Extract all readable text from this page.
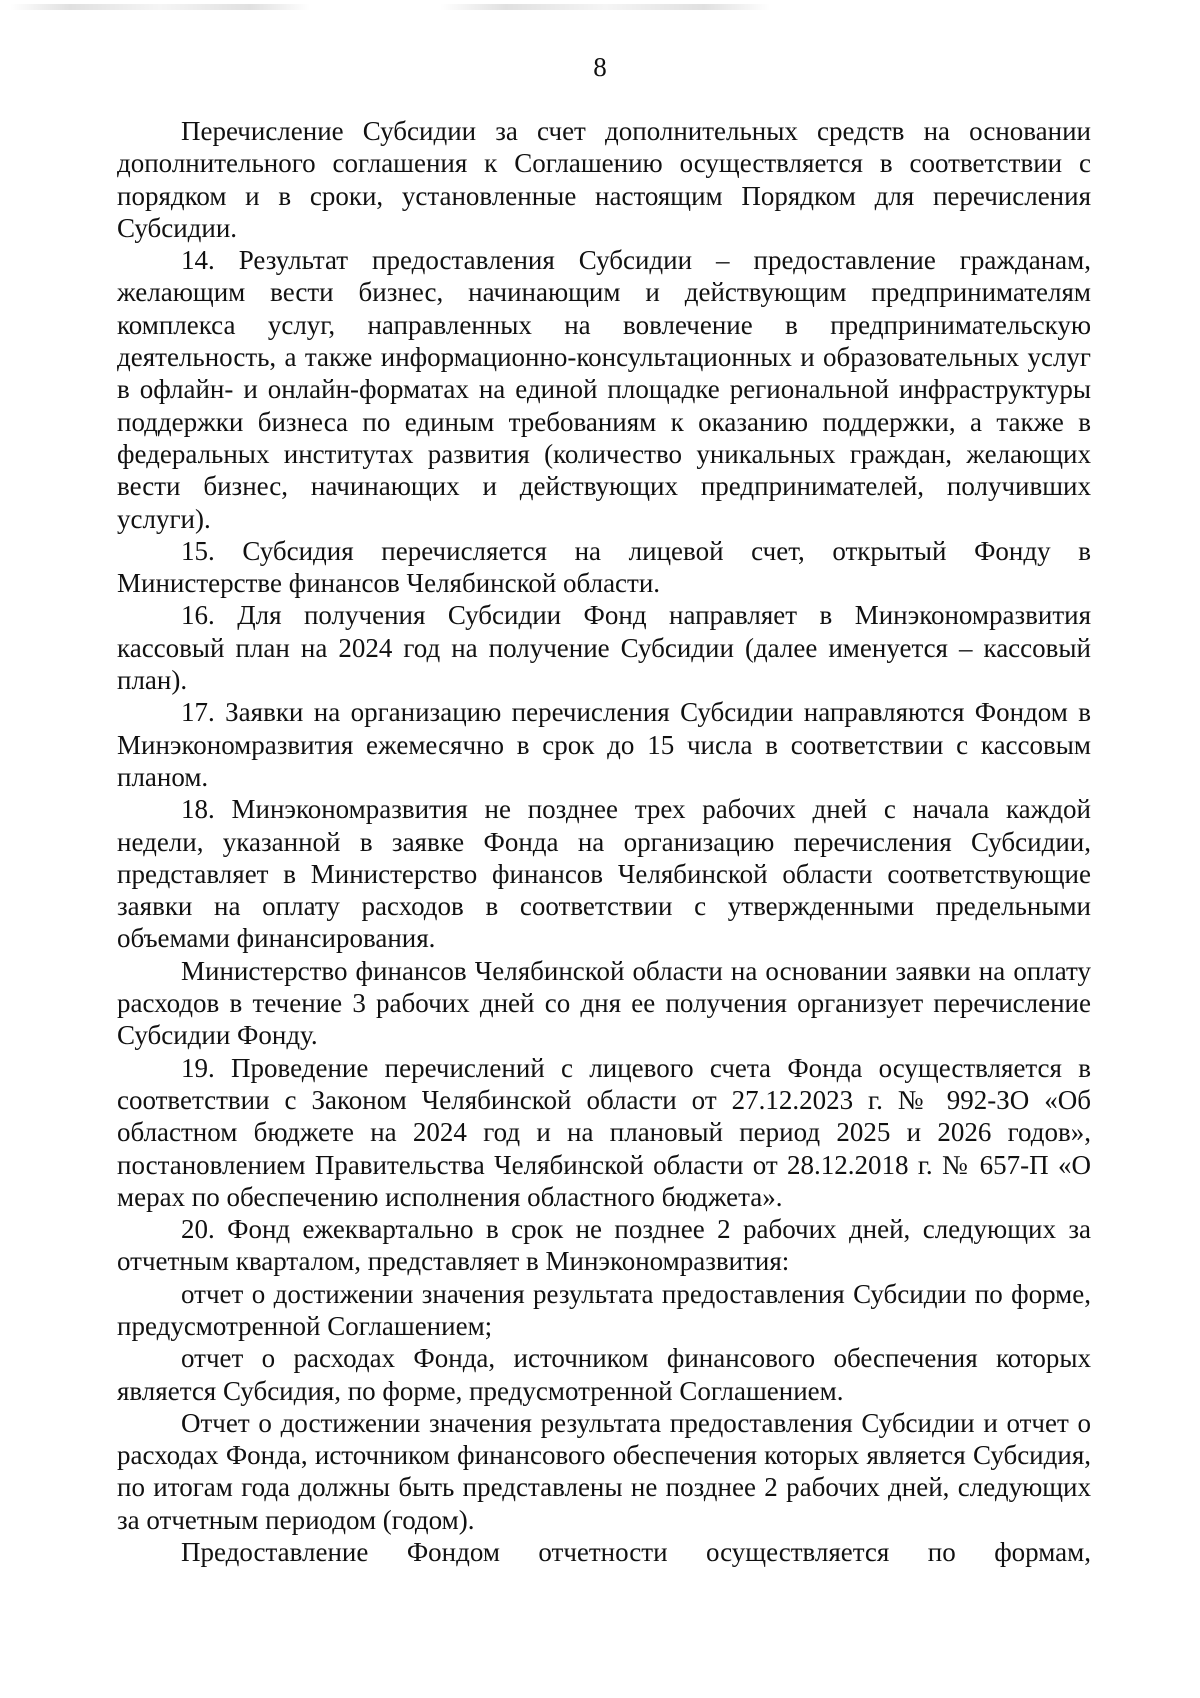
8

Перечисление Субсидии за счет дополнительных средств на основании дополнительного соглашения к Соглашению осуществляется в соответствии с порядком и в сроки, установленные настоящим Порядком для перечисления Субсидии.

14. Результат предоставления Субсидии – предоставление гражданам, желающим вести бизнес, начинающим и действующим предпринимателям комплекса услуг, направленных на вовлечение в предпринимательскую деятельность, а также информационно-консультационных и образовательных услуг в офлайн- и онлайн-форматах на единой площадке региональной инфраструктуры поддержки бизнеса по единым требованиям к оказанию поддержки, а также в федеральных институтах развития (количество уникальных граждан, желающих вести бизнес, начинающих и действующих предпринимателей, получивших услуги).

15. Субсидия перечисляется на лицевой счет, открытый Фонду в Министерстве финансов Челябинской области.

16. Для получения Субсидии Фонд направляет в Минэкономразвития кассовый план на 2024 год на получение Субсидии (далее именуется – кассовый план).

17. Заявки на организацию перечисления Субсидии направляются Фондом в Минэкономразвития ежемесячно в срок до 15 числа в соответствии с кассовым планом.

18. Минэкономразвития не позднее трех рабочих дней с начала каждой недели, указанной в заявке Фонда на организацию перечисления Субсидии, представляет в Министерство финансов Челябинской области соответствующие заявки на оплату расходов в соответствии с утвержденными предельными объемами финансирования.

Министерство финансов Челябинской области на основании заявки на оплату расходов в течение 3 рабочих дней со дня ее получения организует перечисление Субсидии Фонду.

19. Проведение перечислений с лицевого счета Фонда осуществляется в соответствии с Законом Челябинской области от 27.12.2023 г. № 992-ЗО «Об областном бюджете на 2024 год и на плановый период 2025 и 2026 годов», постановлением Правительства Челябинской области от 28.12.2018 г. № 657-П «О мерах по обеспечению исполнения областного бюджета».

20. Фонд ежеквартально в срок не позднее 2 рабочих дней, следующих за отчетным кварталом, представляет в Минэкономразвития:

отчет о достижении значения результата предоставления Субсидии по форме, предусмотренной Соглашением;

отчет о расходах Фонда, источником финансового обеспечения которых является Субсидия, по форме, предусмотренной Соглашением.

Отчет о достижении значения результата предоставления Субсидии и отчет о расходах Фонда, источником финансового обеспечения которых является Субсидия, по итогам года должны быть представлены не позднее 2 рабочих дней, следующих за отчетным периодом (годом).

Предоставление Фондом отчетности осуществляется по формам,
